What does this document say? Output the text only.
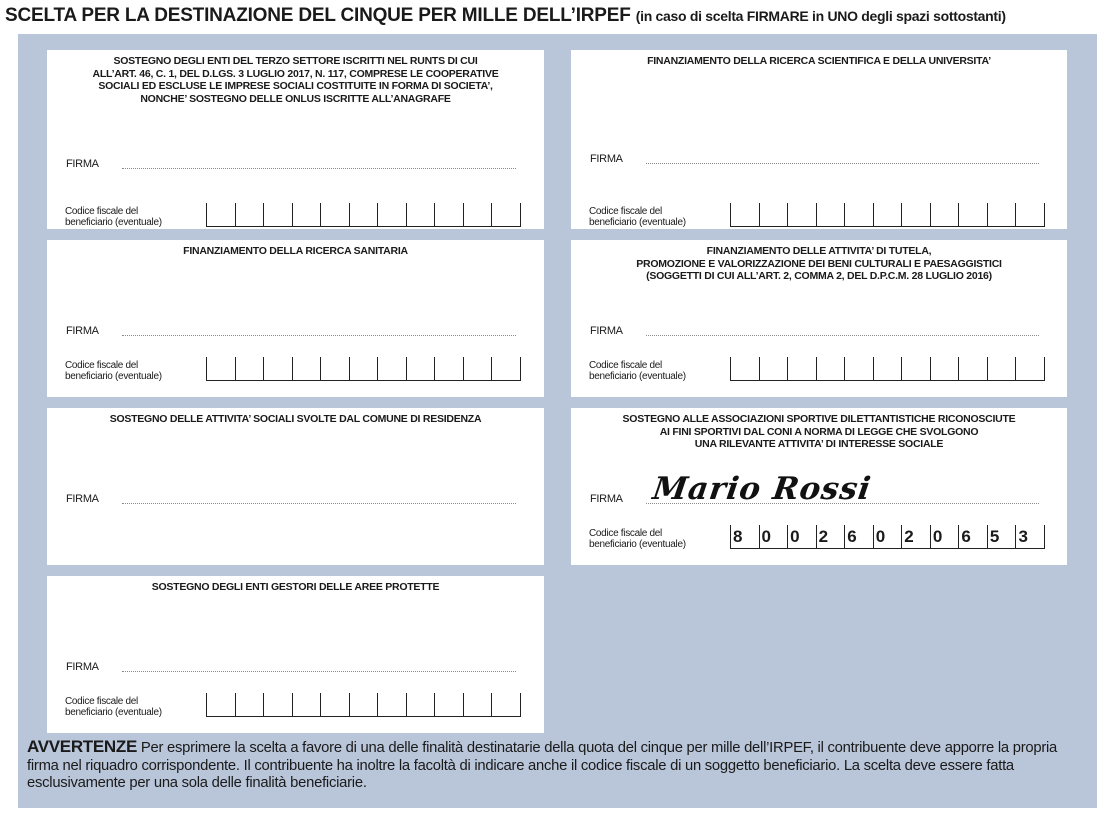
SCELTA PER LA DESTINAZIONE DEL CINQUE PER MILLE DELL’IRPEF (in caso di scelta FIRMARE in UNO degli spazi sottostanti)
SOSTEGNO DEGLI ENTI DEL TERZO SETTORE ISCRITTI NEL RUNTS DI CUI
ALL’ART. 46, C. 1, DEL D.LGS. 3 LUGLIO 2017, N. 117, COMPRESE LE COOPERATIVE
SOCIALI ED ESCLUSE LE IMPRESE SOCIALI COSTITUITE IN FORMA DI SOCIETA’,
NONCHE’ SOSTEGNO DELLE ONLUS ISCRITTE ALL’ANAGRAFE
FIRMA
Codice fiscale del
beneficiario (eventuale)
FINANZIAMENTO DELLA RICERCA SCIENTIFICA E DELLA UNIVERSITA’
FIRMA
Codice fiscale del
beneficiario (eventuale)
FINANZIAMENTO DELLA RICERCA SANITARIA
FIRMA
Codice fiscale del
beneficiario (eventuale)
FINANZIAMENTO DELLE ATTIVITA’ DI TUTELA,
PROMOZIONE E VALORIZZAZIONE DEI BENI CULTURALI E PAESAGGISTICI
(SOGGETTI DI CUI ALL’ART. 2, COMMA 2, DEL D.P.C.M. 28 LUGLIO 2016)
FIRMA
Codice fiscale del
beneficiario (eventuale)
SOSTEGNO DELLE ATTIVITA’ SOCIALI SVOLTE DAL COMUNE DI RESIDENZA
FIRMA
SOSTEGNO ALLE ASSOCIAZIONI SPORTIVE DILETTANTISTICHE RICONOSCIUTE
AI FINI SPORTIVI DAL CONI A NORMA DI LEGGE CHE SVOLGONO
UNA RILEVANTE ATTIVITA’ DI INTERESSE SOCIALE
FIRMA Mario Rossi
Codice fiscale del
beneficiario (eventuale)	8	0	0	2	6	0	2	0	6	5	3
SOSTEGNO DEGLI ENTI GESTORI DELLE AREE PROTETTE
FIRMA
Codice fiscale del
beneficiario (eventuale)
AVVERTENZE Per esprimere la scelta a favore di una delle finalità destinatarie della quota del cinque per mille dell’IRPEF, il contribuente deve apporre la propria firma nel riquadro corrispondente. Il contribuente ha inoltre la facoltà di indicare anche il codice fiscale di un soggetto beneficiario. La scelta deve essere fatta esclusivamente per una sola delle finalità beneficiarie.
